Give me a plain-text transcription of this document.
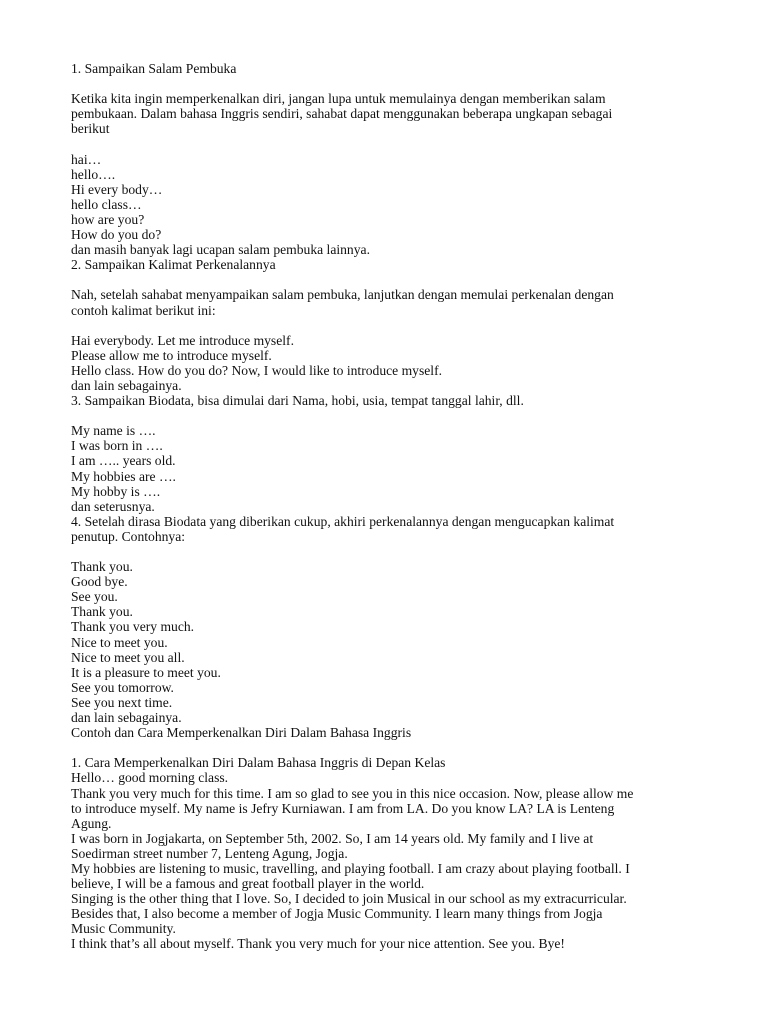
1. Sampaikan Salam Pembuka
Ketika kita ingin memperkenalkan diri, jangan lupa untuk memulainya dengan memberikan salam
pembukaan. Dalam bahasa Inggris sendiri, sahabat dapat menggunakan beberapa ungkapan sebagai
berikut
hai…
hello….
Hi every body…
hello class…
how are you?
How do you do?
dan masih banyak lagi ucapan salam pembuka lainnya.
2. Sampaikan Kalimat Perkenalannya
Nah, setelah sahabat menyampaikan salam pembuka, lanjutkan dengan memulai perkenalan dengan
contoh kalimat berikut ini:
Hai everybody. Let me introduce myself.
Please allow me to introduce myself.
Hello class. How do you do? Now, I would like to introduce myself.
dan lain sebagainya.
3. Sampaikan Biodata, bisa dimulai dari Nama, hobi, usia, tempat tanggal lahir, dll.
My name is ….
I was born in ….
I am ….. years old.
My hobbies are ….
My hobby is ….
dan seterusnya.
4. Setelah dirasa Biodata yang diberikan cukup, akhiri perkenalannya dengan mengucapkan kalimat
penutup. Contohnya:
Thank you.
Good bye.
See you.
Thank you.
Thank you very much.
Nice to meet you.
Nice to meet you all.
It is a pleasure to meet you.
See you tomorrow.
See you next time.
dan lain sebagainya.
Contoh dan Cara Memperkenalkan Diri Dalam Bahasa Inggris
1. Cara Memperkenalkan Diri Dalam Bahasa Inggris di Depan Kelas
Hello… good morning class.
Thank you very much for this time. I am so glad to see you in this nice occasion. Now, please allow me
to introduce myself. My name is Jefry Kurniawan. I am from LA. Do you know LA? LA is Lenteng
Agung.
I was born in Jogjakarta, on September 5th, 2002. So, I am 14 years old. My family and I live at
Soedirman street number 7, Lenteng Agung, Jogja.
My hobbies are listening to music, travelling, and playing football. I am crazy about playing football. I
believe, I will be a famous and great football player in the world.
Singing is the other thing that I love. So, I decided to join Musical in our school as my extracurricular.
Besides that, I also become a member of Jogja Music Community. I learn many things from Jogja
Music Community.
I think that’s all about myself. Thank you very much for your nice attention. See you. Bye!
